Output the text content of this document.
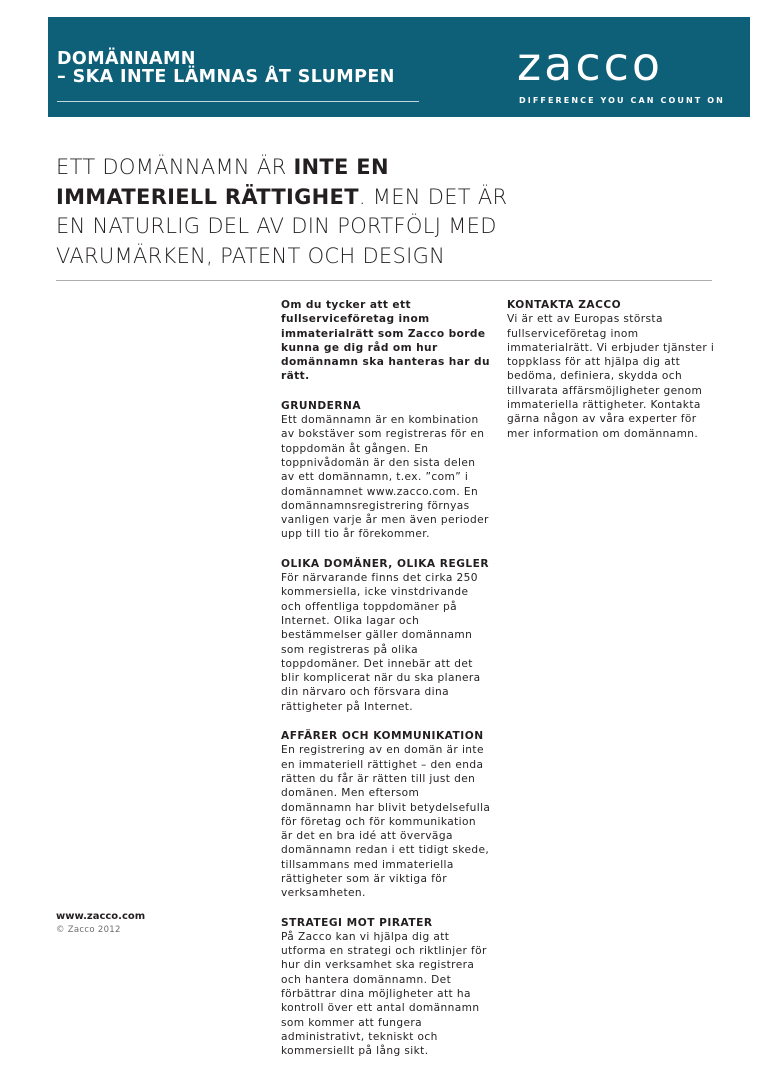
DOMÄNNAMN
– SKA INTE LÄMNAS ÅT SLUMPEN	zacco
DIFFERENCE YOU CAN COUNT ON
ETT DOMÄNNAMN ÄR INTE EN IMMATERIELL RÄTTIGHET. MEN DET ÄR EN NATURLIG DEL AV DIN PORTFÖLJ MED VARUMÄRKEN, PATENT OCH DESIGN

Om du tycker att ett fullserviceföretag inom immaterialrätt som Zacco borde kunna ge dig råd om hur domännamn ska hanteras har du rätt.

GRUNDERNA

Ett domännamn är en kombination av bokstäver som registreras för en toppdomän åt gången. En toppnivådomän är den sista delen av ett domännamn, t.ex. ”com” i domännamnet www.zacco.com. En domännamnsregistrering förnyas vanligen varje år men även perioder upp till tio år förekommer.

OLIKA DOMÄNER, OLIKA REGLER

För närvarande finns det cirka 250 kommersiella, icke vinstdrivande och offentliga toppdomäner på Internet. Olika lagar och bestämmelser gäller domännamn som registreras på olika toppdomäner. Det innebär att det blir komplicerat när du ska planera din närvaro och försvara dina rättigheter på Internet.

AFFÄRER OCH KOMMUNIKATION

En registrering av en domän är inte en immateriell rättighet – den enda rätten du får är rätten till just den domänen. Men eftersom domännamn har blivit betydelsefulla för företag och för kommunikation är det en bra idé att överväga domännamn redan i ett tidigt skede, tillsammans med immateriella rättigheter som är viktiga för verksamheten.

STRATEGI MOT PIRATER

På Zacco kan vi hjälpa dig att utforma en strategi och riktlinjer för hur din verksamhet ska registrera och hantera domännamn. Det förbättrar dina möjligheter att ha kontroll över ett antal domännamn som kommer att fungera administrativt, tekniskt och kommersiellt på lång sikt.

KONTAKTA ZACCO

Vi är ett av Europas största fullserviceföretag inom immaterialrätt. Vi erbjuder tjänster i toppklass för att hjälpa dig att bedöma, definiera, skydda och tillvarata affärsmöjligheter genom immateriella rättigheter. Kontakta gärna någon av våra experter för mer information om domännamn.

www.zacco.com
© Zacco 2012
